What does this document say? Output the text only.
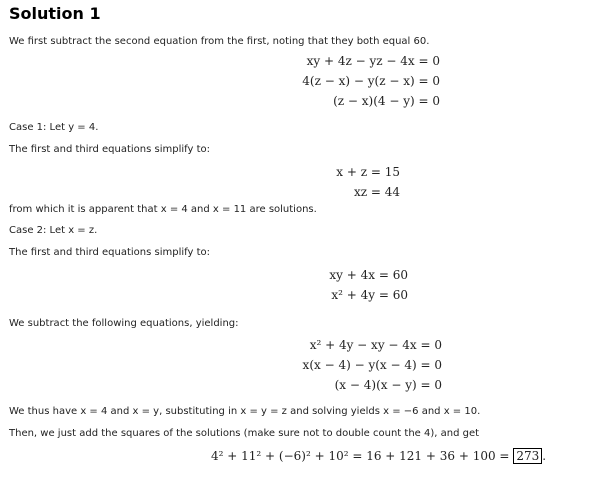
Solution 1
We first subtract the second equation from the first, noting that they both equal 60.
xy + 4z − yz − 4x = 0
4(z − x) − y(z − x) = 0
(z − x)(4 − y) = 0
Case 1: Let y = 4.
The first and third equations simplify to:
x + z = 15
xz = 44
from which it is apparent that x = 4 and x = 11 are solutions.
Case 2: Let x = z.
The first and third equations simplify to:
xy + 4x = 60
x² + 4y = 60
We subtract the following equations, yielding:
x² + 4y − xy − 4x = 0
x(x − 4) − y(x − 4) = 0
(x − 4)(x − y) = 0
We thus have x = 4 and x = y, substituting in x = y = z and solving yields x = −6 and x = 10.
Then, we just add the squares of the solutions (make sure not to double count the 4), and get
4² + 11² + (−6)² + 10² = 16 + 121 + 36 + 100 = 273 .
